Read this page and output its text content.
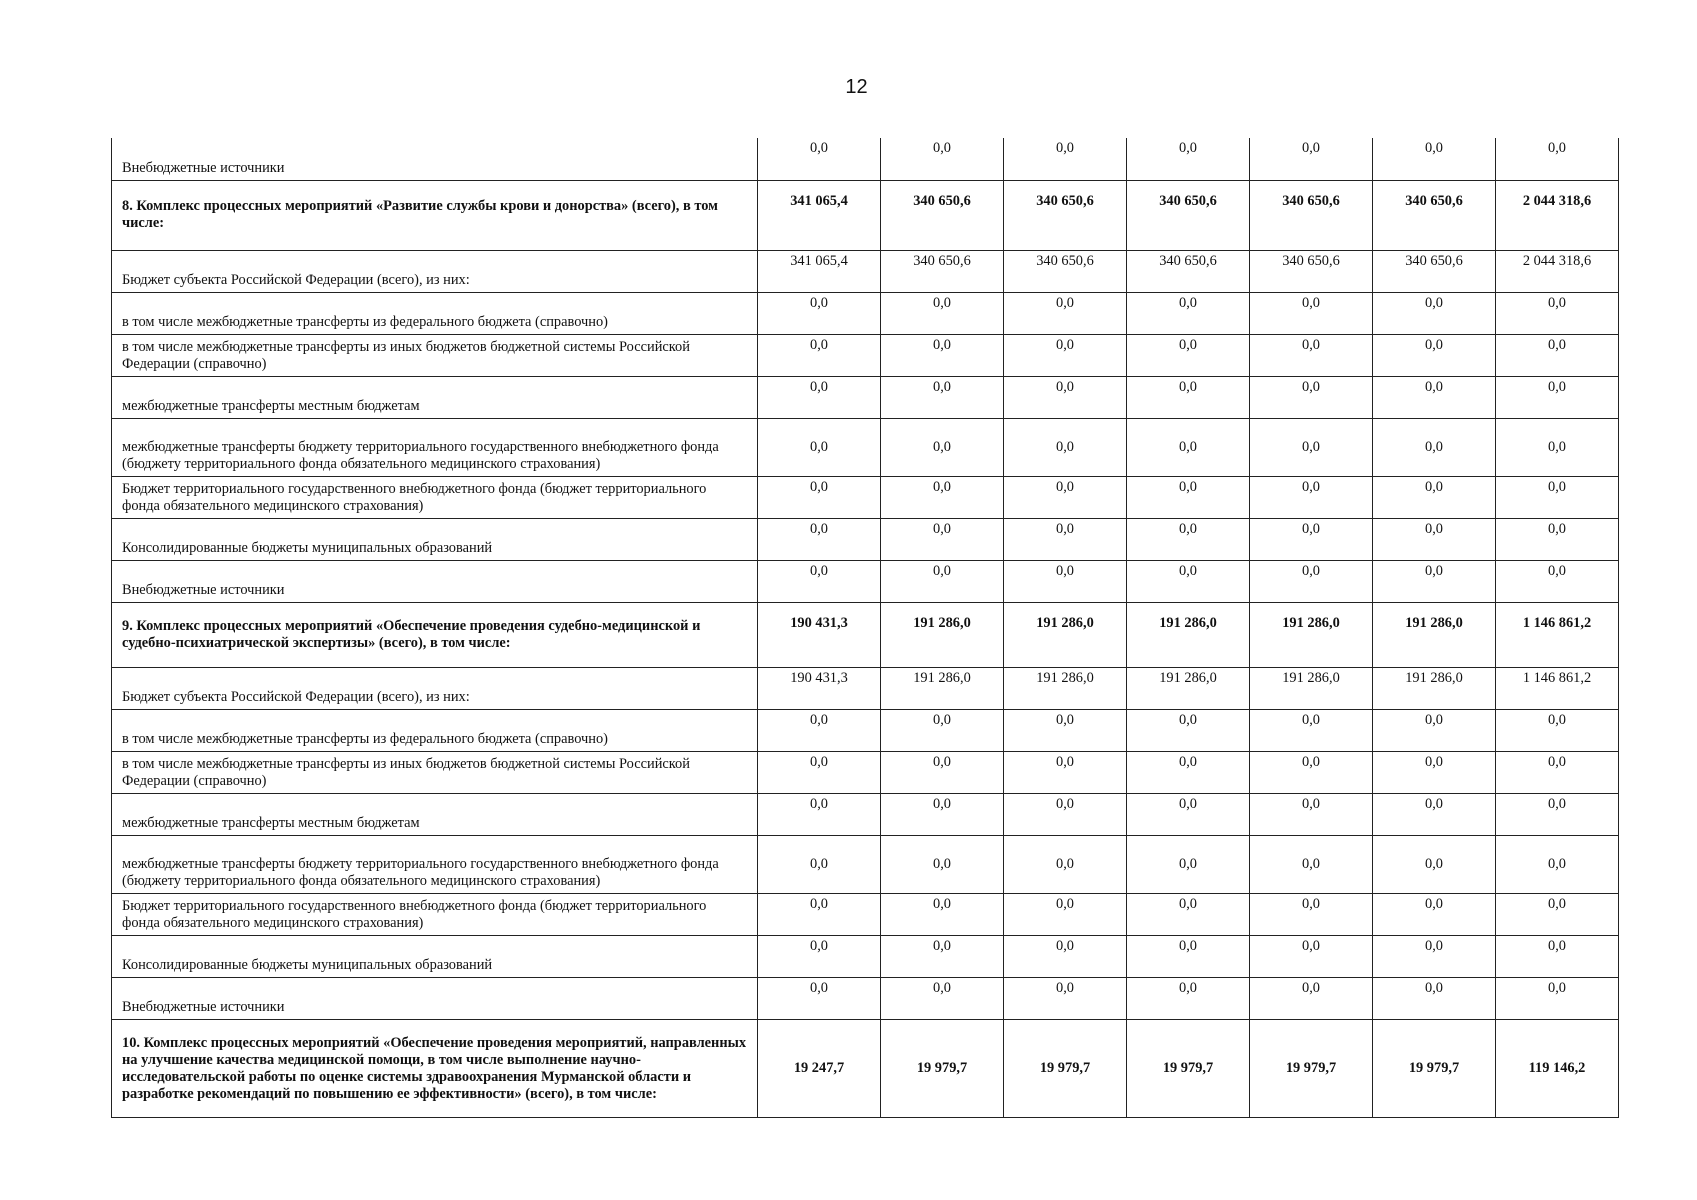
12
Внебюджетные источники	0,0	0,0	0,0	0,0	0,0	0,0	0,0

8. Комплекс процессных мероприятий «Развитие службы крови и донорства» (всего), в том числе:	341 065,4	340 650,6	340 650,6	340 650,6	340 650,6	340 650,6	2 044 318,6

Бюджет субъекта Российской Федерации (всего), из них:	341 065,4	340 650,6	340 650,6	340 650,6	340 650,6	340 650,6	2 044 318,6

в том числе межбюджетные трансферты из федерального бюджета (справочно)	0,0	0,0	0,0	0,0	0,0	0,0	0,0

в том числе межбюджетные трансферты из иных бюджетов бюджетной системы Российской Федерации (справочно)	0,0	0,0	0,0	0,0	0,0	0,0	0,0

межбюджетные трансферты местным бюджетам	0,0	0,0	0,0	0,0	0,0	0,0	0,0

межбюджетные трансферты бюджету территориального государственного внебюджетного фонда (бюджету территориального фонда обязательного медицинского страхования)	0,0	0,0	0,0	0,0	0,0	0,0	0,0

Бюджет территориального государственного внебюджетного фонда (бюджет территориального фонда обязательного медицинского страхования)	0,0	0,0	0,0	0,0	0,0	0,0	0,0

Консолидированные бюджеты муниципальных образований	0,0	0,0	0,0	0,0	0,0	0,0	0,0

Внебюджетные источники	0,0	0,0	0,0	0,0	0,0	0,0	0,0

9. Комплекс процессных мероприятий «Обеспечение проведения судебно-медицинской и судебно-психиатрической экспертизы» (всего), в том числе:	190 431,3	191 286,0	191 286,0	191 286,0	191 286,0	191 286,0	1 146 861,2

Бюджет субъекта Российской Федерации (всего), из них:	190 431,3	191 286,0	191 286,0	191 286,0	191 286,0	191 286,0	1 146 861,2

в том числе межбюджетные трансферты из федерального бюджета (справочно)	0,0	0,0	0,0	0,0	0,0	0,0	0,0

в том числе межбюджетные трансферты из иных бюджетов бюджетной системы Российской Федерации (справочно)	0,0	0,0	0,0	0,0	0,0	0,0	0,0

межбюджетные трансферты местным бюджетам	0,0	0,0	0,0	0,0	0,0	0,0	0,0

межбюджетные трансферты бюджету территориального государственного внебюджетного фонда (бюджету территориального фонда обязательного медицинского страхования)	0,0	0,0	0,0	0,0	0,0	0,0	0,0

Бюджет территориального государственного внебюджетного фонда (бюджет территориального фонда обязательного медицинского страхования)	0,0	0,0	0,0	0,0	0,0	0,0	0,0

Консолидированные бюджеты муниципальных образований	0,0	0,0	0,0	0,0	0,0	0,0	0,0

Внебюджетные источники	0,0	0,0	0,0	0,0	0,0	0,0	0,0

10. Комплекс процессных мероприятий «Обеспечение проведения мероприятий, направленных на улучшение качества медицинской помощи, в том числе выполнение научно-исследовательской работы по оценке системы здравоохранения Мурманской области и разработке рекомендаций по повышению ее эффективности» (всего), в том числе:	19 247,7	19 979,7	19 979,7	19 979,7	19 979,7	19 979,7	119 146,2
